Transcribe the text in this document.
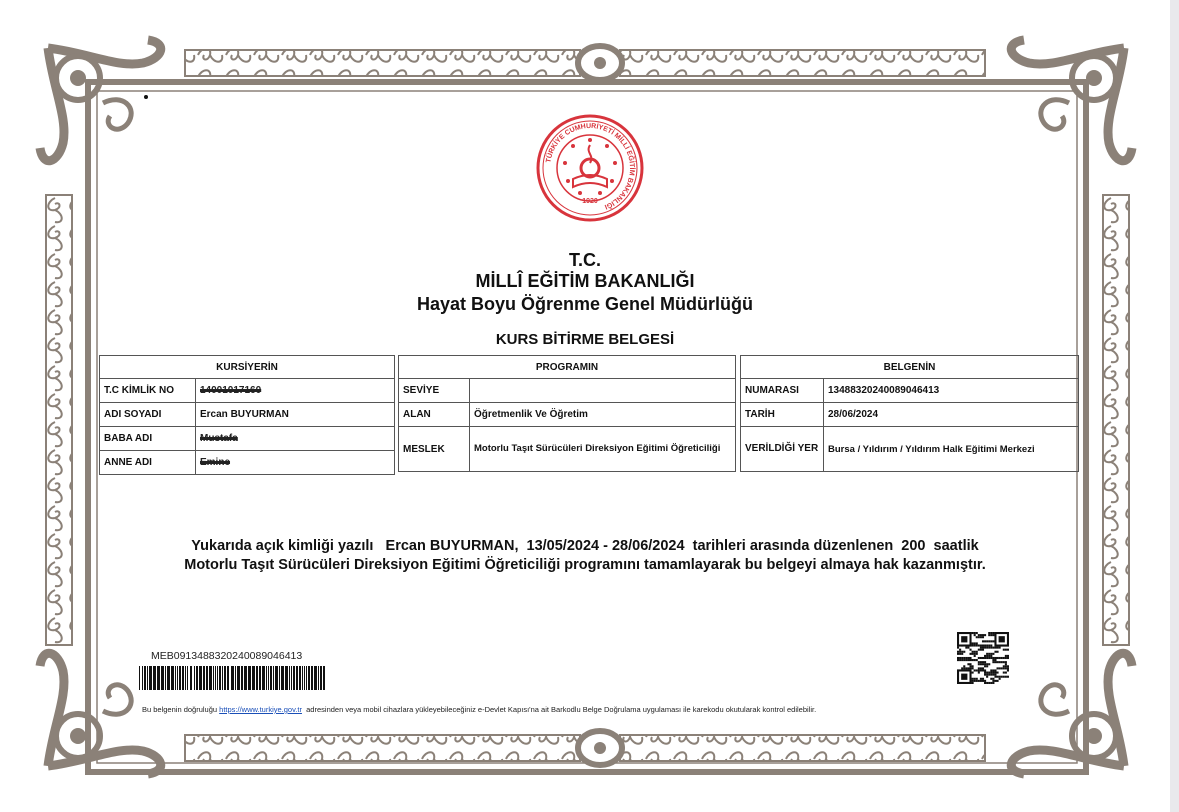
TÜRKİYE CUMHURİYETİ MİLLİ EĞİTİM BAKANLIĞI
1920
T.C.
MİLLÎ EĞİTİM BAKANLIĞI
Hayat Boyu Öğrenme Genel Müdürlüğü
KURS BİTİRME BELGESİ
KURSİYERİN	
T.C KİMLİK NO	14001017160
ADI SOYADI	Ercan BUYURMAN
BABA ADI	Mustafa
ANNE ADI	Emine
PROGRAMIN	
SEVİYE	
ALAN	Öğretmenlik Ve Öğretim
MESLEK	Motorlu Taşıt Sürücüleri Direksiyon Eğitimi Öğreticiliği
BELGENİN	
NUMARASI	13488320240089046413
TARİH	28/06/2024
VERİLDİĞİ YER	Bursa / Yıldırım / Yıldırım Halk Eğitimi Merkezi

Yukarıda açık kimliği yazılı   Ercan BUYURMAN,  13/05/2024 - 28/06/2024  tarihleri arasında düzenlenen  200  saatlik

Motorlu Taşıt Sürücüleri Direksiyon Eğitimi Öğreticiliği programını tamamlayarak bu belgeyi almaya hak kazanmıştır.

MEB0913488320240089046413
Bu belgenin doğruluğu https://www.turkiye.gov.tr  adresinden veya mobil cihazlara yükleyebileceğiniz e-Devlet Kapısı'na ait Barkodlu Belge Doğrulama uygulaması ile karekodu okutularak kontrol edilebilir.
